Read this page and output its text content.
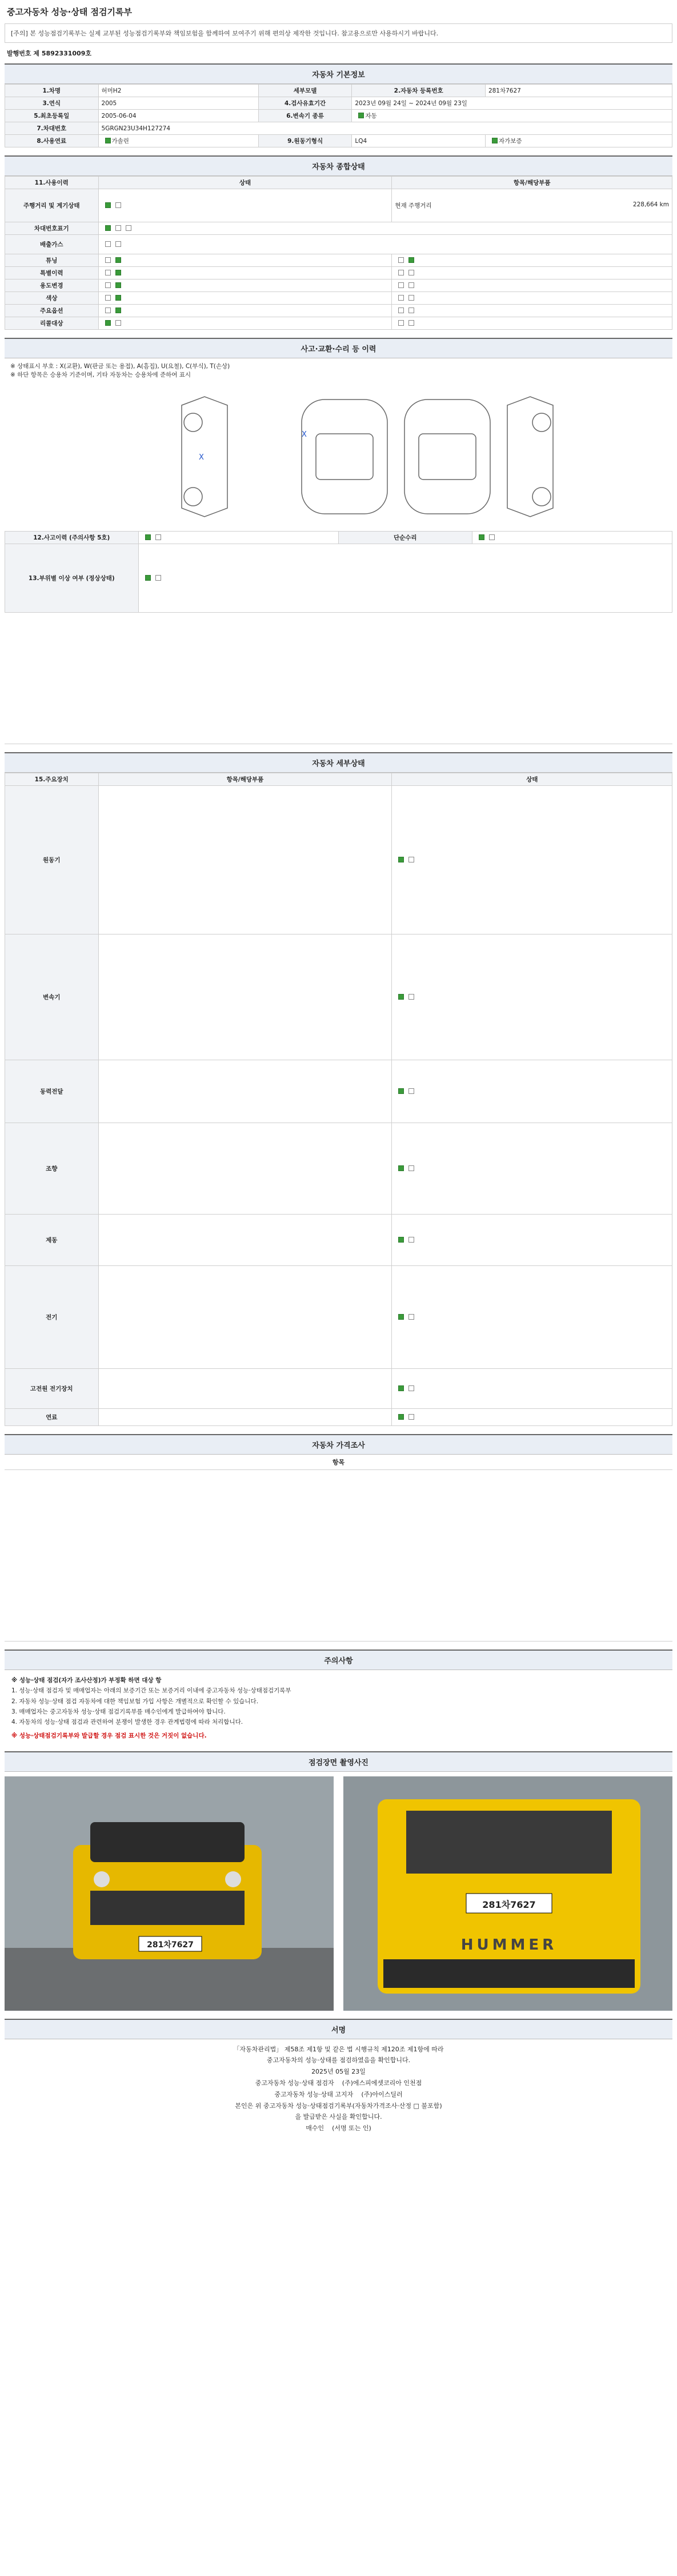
중고자동차 성능·상태 점검기록부
[주의] 본 성능점검기록부는 실제 교부된 성능점검기록부와 책임보험을 함께하여 보여주기 위해 편의상 제작한 것입니다. 참고용으로만 사용하시기 바랍니다.
발행번호 제 5892331009호
자동차 기본정보
1.차명	허머H2	세부모델	2.자동차 등록번호	281차7627
3.연식	2005	4.검사유효기간	2023년 09월 24일 ~ 2024년 09월 23일	
5.최초등록일	2005-06-04	6.변속기 종류	자동	
7.차대번호	5GRGN23U34H127274			
8.사용연료	가솔린	9.원동기형식	LQ4	자가보증
자동차 종합상태
11.사용이력	상태	항목/해당부품
주행거리 및 계기상태		현재 주행거리 228,664 km

차대번호표기		
배출가스		
튜닝		
특별이력		
용도변경		
색상		
주요옵션		
리콜대상		
사고·교환·수리 등 이력
※ 상태표시 부호 : X(교환), W(판금 또는 용접), A(흠집), U(요철), C(부식), T(손상)
※ 하단 항목은 승용차 기준이며, 기타 자동차는 승용차에 준하여 표시
X
X
12.사고이력 (주의사항 5호)		단순수리	
13.부위별 이상 여부 (정상상태)			
자동차 세부상태
15.주요장치	항목/해당부품	상태
원동기		
변속기		
동력전달		
조향		
제동		
전기		
고전원 전기장치		
연료		
자동차 가격조사
항목
주의사항

※ 성능·상태 점검(자가 조사산정)가 부정확 하면 대상 항

1. 성능·상태 점검자 및 매매업자는 아래의 보증기간 또는 보증거리 이내에 중고자동차 성능·상태점검기록부

2. 자동차 성능·상태 점검 자동차에 대한 책임보험 가입 사항은 개별적으로 확인할 수 있습니다.

3. 매매업자는 중고자동차 성능·상태 점검기록부를 매수인에게 발급하여야 합니다.

4. 자동차의 성능·상태 점검과 관련하여 분쟁이 발생한 경우 관계법령에 따라 처리합니다.

※ 성능·상태점검기록부와 발급할 경우 점검 표시한 것은 거짓이 없습니다.

점검장면 촬영사진
281차7627
281차7627
HUMMER
서명
「자동차관리법」 제58조 제1항 및 같은 법 시행규칙 제120조 제1항에 따라
중고자동차의 성능·상태를 점검하였음을 확인합니다.
2025년 05월 23일
중고자동차 성능·상태 점검자 (주)에스피에셋코리아 인천점
중고자동차 성능·상태 고지자 (주)아이스딜러
본인은 위 중고자동차 성능·상태점검기록부(자동차가격조사·산정 □ 불포함)
을 발급받은 사실을 확인합니다.
매수인 (서명 또는 인)
